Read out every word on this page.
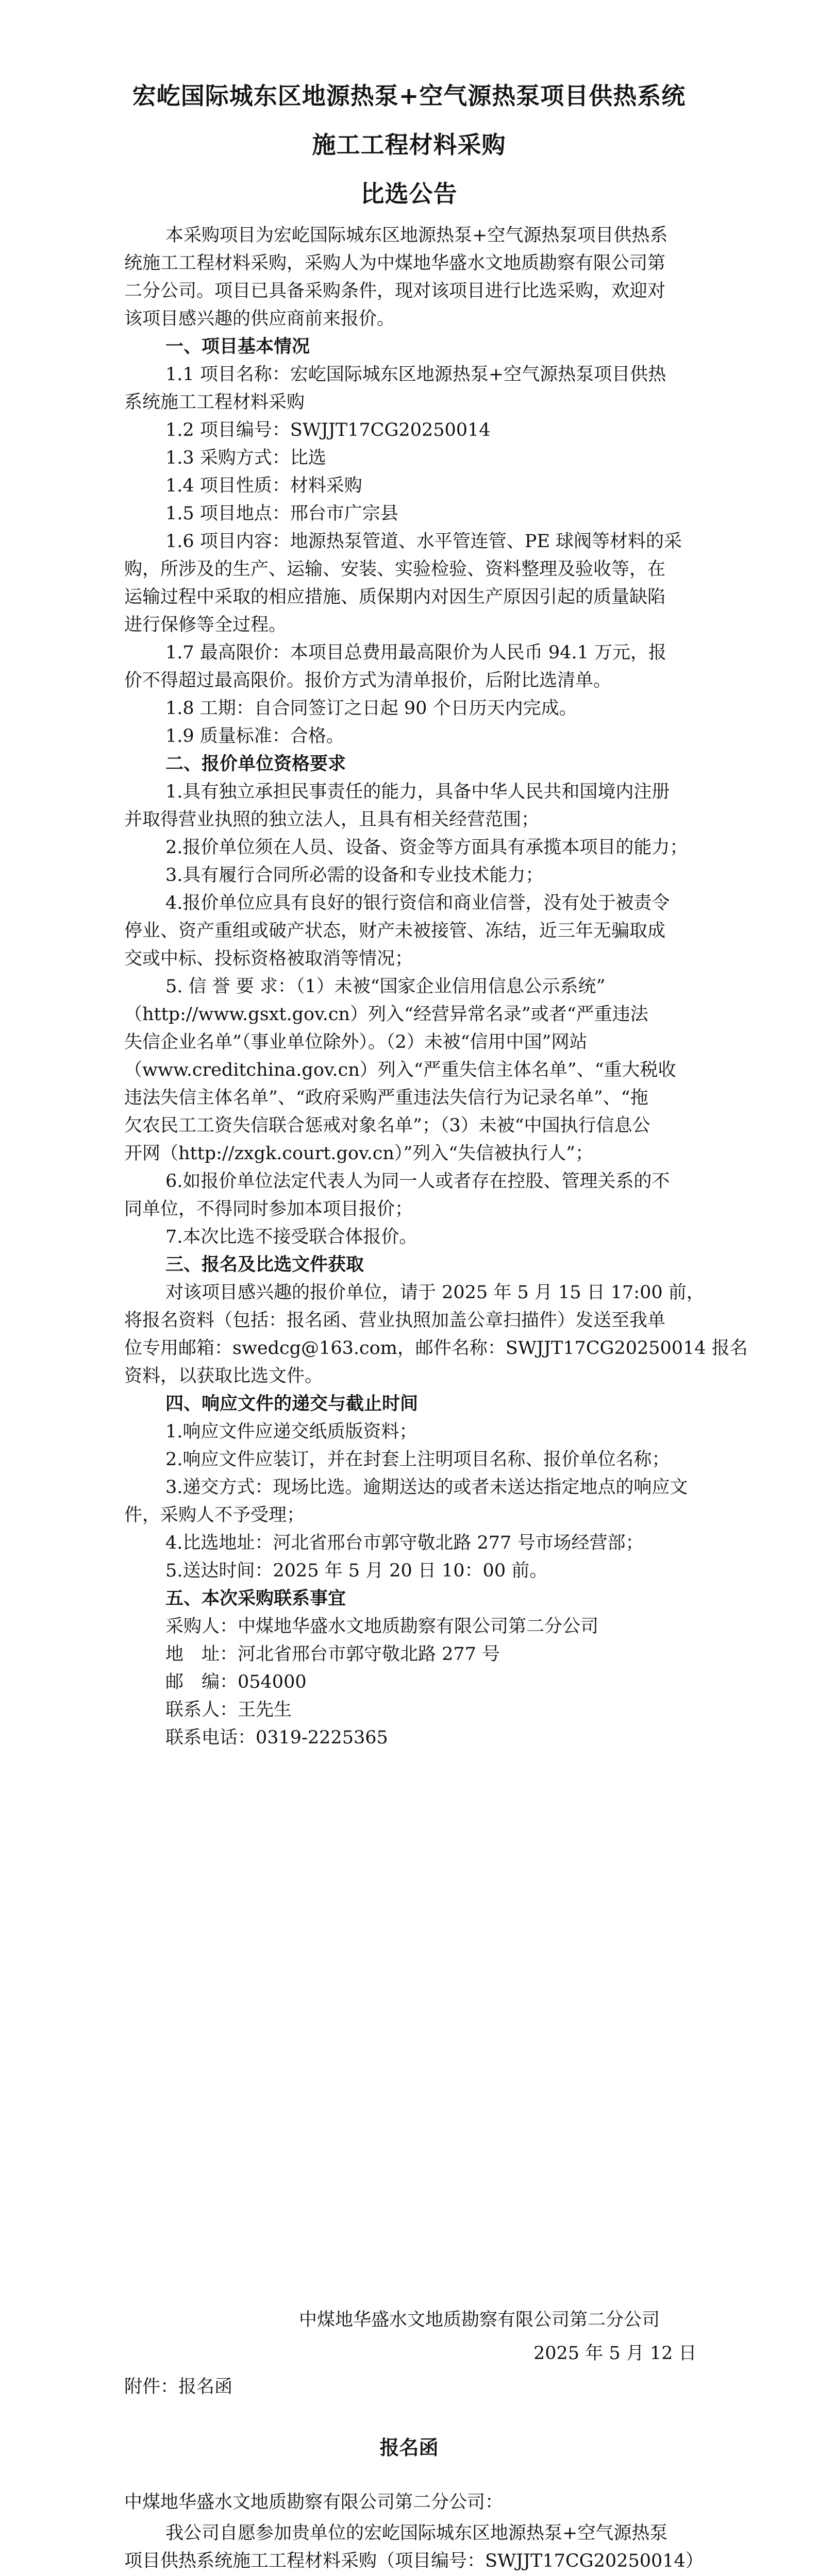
宏屹国际城东区地源热泵+空气源热泵项目供热系统
施工工程材料采购
比选公告
本采购项目为宏屹国际城东区地源热泵+空气源热泵项目供热系
统施工工程材料采购，采购人为中煤地华盛水文地质勘察有限公司第
二分公司。项目已具备采购条件，现对该项目进行比选采购，欢迎对
该项目感兴趣的供应商前来报价。
一、项目基本情况
1.1 项目名称：宏屹国际城东区地源热泵+空气源热泵项目供热
系统施工工程材料采购
1.2 项目编号：SWJJT17CG20250014
1.3 采购方式：比选
1.4 项目性质：材料采购
1.5 项目地点：邢台市广宗县
1.6 项目内容：地源热泵管道、水平管连管、PE 球阀等材料的采
购，所涉及的生产、运输、安装、实验检验、资料整理及验收等，在
运输过程中采取的相应措施、质保期内对因生产原因引起的质量缺陷
进行保修等全过程。
1.7 最高限价：本项目总费用最高限价为人民币 94.1 万元，报
价不得超过最高限价。报价方式为清单报价，后附比选清单。
1.8 工期：自合同签订之日起 90 个日历天内完成。
1.9 质量标准：合格。
二、报价单位资格要求
1.具有独立承担民事责任的能力，具备中华人民共和国境内注册
并取得营业执照的独立法人，且具有相关经营范围；
2.报价单位须在人员、设备、资金等方面具有承揽本项目的能力；
3.具有履行合同所必需的设备和专业技术能力；
4.报价单位应具有良好的银行资信和商业信誉，没有处于被责令
停业、资产重组或破产状态，财产未被接管、冻结，近三年无骗取成
交或中标、投标资格被取消等情况；
5. 信 誉 要 求：（1）未被“国家企业信用信息公示系统”
（http://www.gsxt.gov.cn）列入“经营异常名录”或者“严重违法
失信企业名单”（事业单位除外）。（2）未被“信用中国”网站
（www.creditchina.gov.cn）列入“严重失信主体名单”、“重大税收
违法失信主体名单”、“政府采购严重违法失信行为记录名单”、“拖
欠农民工工资失信联合惩戒对象名单”；（3）未被“中国执行信息公
开网（http://zxgk.court.gov.cn）”列入“失信被执行人”；
6.如报价单位法定代表人为同一人或者存在控股、管理关系的不
同单位，不得同时参加本项目报价；
7.本次比选不接受联合体报价。
三、报名及比选文件获取
对该项目感兴趣的报价单位，请于 2025 年 5 月 15 日 17:00 前，
将报名资料（包括：报名函、营业执照加盖公章扫描件）发送至我单
位专用邮箱：swedcg@163.com，邮件名称：SWJJT17CG20250014 报名
资料，以获取比选文件。
四、响应文件的递交与截止时间
1.响应文件应递交纸质版资料；
2.响应文件应装订，并在封套上注明项目名称、报价单位名称；
3.递交方式：现场比选。逾期送达的或者未送达指定地点的响应文
件，采购人不予受理；
4.比选地址：河北省邢台市郭守敬北路 277 号市场经营部；
5.送达时间：2025 年 5 月 20 日 10：00 前。
五、本次采购联系事宜
采购人：中煤地华盛水文地质勘察有限公司第二分公司
地　址：河北省邢台市郭守敬北路 277 号
邮　编：054000
联系人：王先生
联系电话：0319-2225365
中煤地华盛水文地质勘察有限公司第二分公司
2025 年 5 月 12 日
附件：报名函
报名函
中煤地华盛水文地质勘察有限公司第二分公司：
我公司自愿参加贵单位的宏屹国际城东区地源热泵+空气源热泵
项目供热系统施工工程材料采购（项目编号：SWJJT17CG20250014）
